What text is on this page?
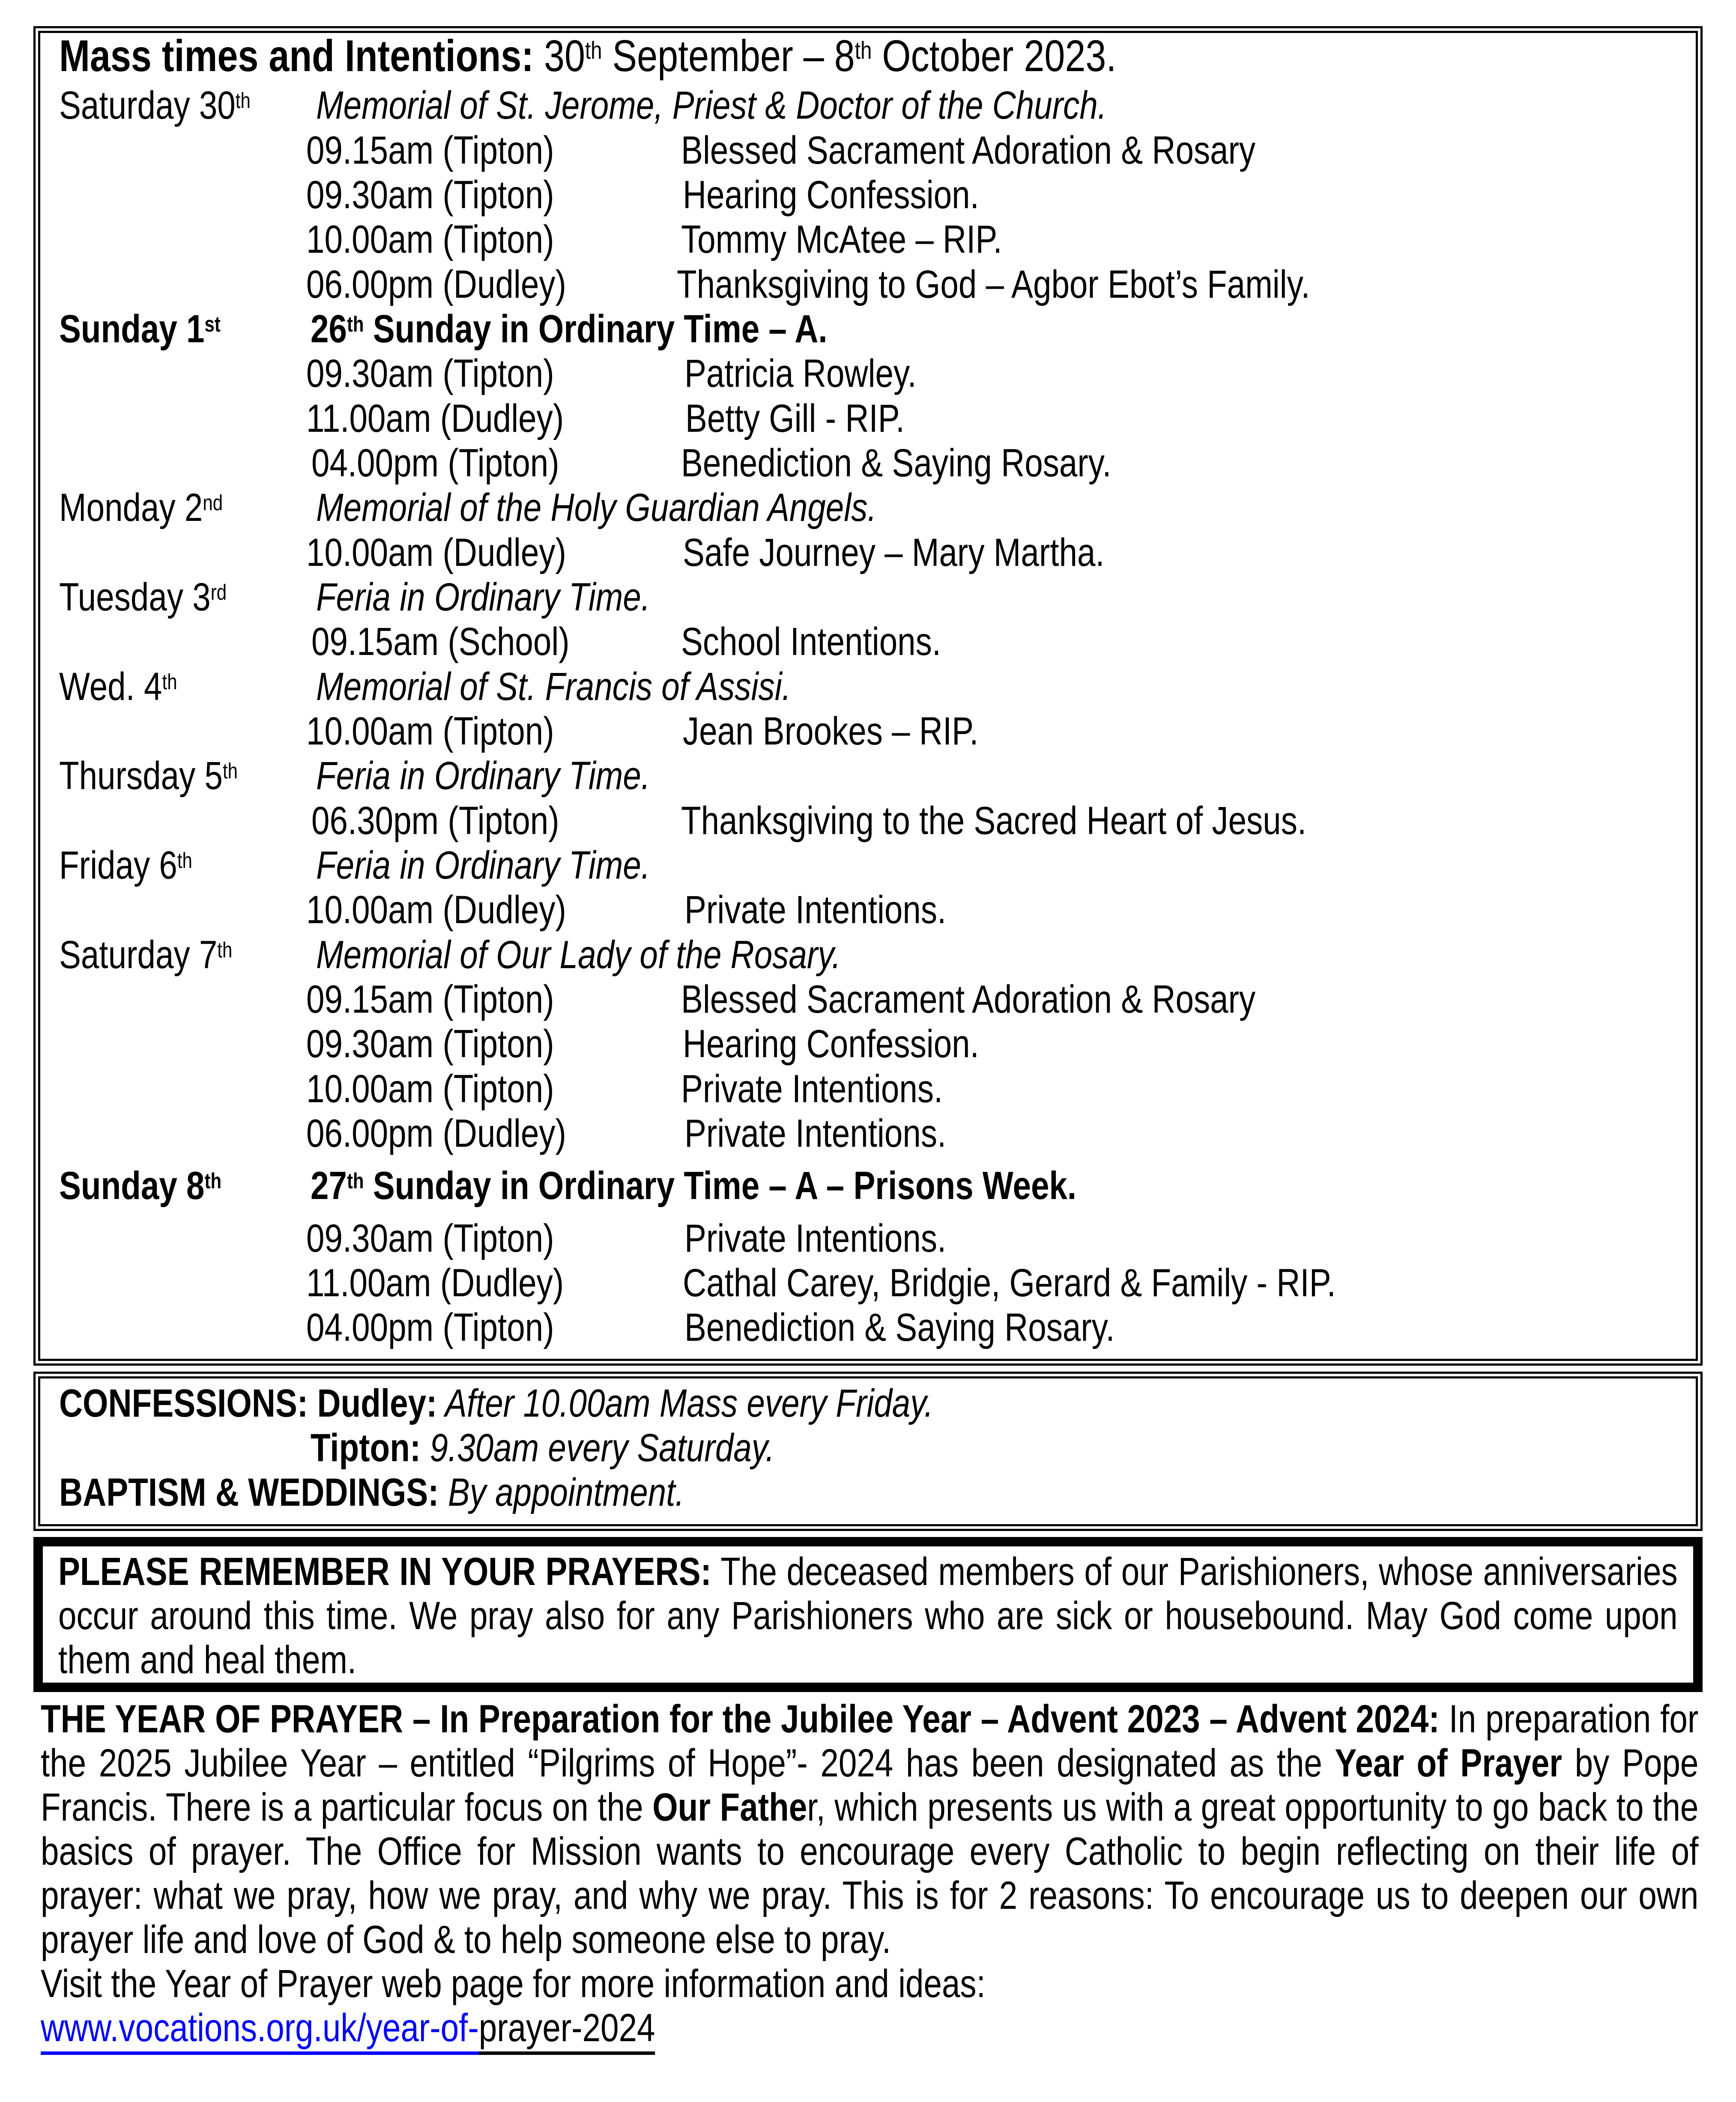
Mass times and Intentions: 30th September – 8th October 2023.
Saturday 30th Memorial of St. Jerome, Priest & Doctor of the Church.
09.15am (Tipton)	Blessed Sacrament Adoration & Rosary
09.30am (Tipton)	Hearing Confession.
10.00am (Tipton)	Tommy McAtee – RIP.
06.00pm (Dudley)	Thanksgiving to God – Agbor Ebot’s Family.
Sunday 1st 26th Sunday in Ordinary Time – A.
09.30am (Tipton)	Patricia Rowley.
11.00am (Dudley)	Betty Gill - RIP.
04.00pm (Tipton)	Benediction & Saying Rosary.
Monday 2nd Memorial of the Holy Guardian Angels.
10.00am (Dudley)	Safe Journey – Mary Martha.
Tuesday 3rd Feria in Ordinary Time.
09.15am (School)	School Intentions.
Wed. 4th	Memorial of St. Francis of Assisi.
10.00am (Tipton)	Jean Brookes – RIP.
Thursday 5th Feria in Ordinary Time.
06.30pm (Tipton)	Thanksgiving to the Sacred Heart of Jesus.
Friday 6th	Feria in Ordinary Time.
10.00am (Dudley)	Private Intentions.
Saturday 7th Memorial of Our Lady of the Rosary.
09.15am (Tipton)	Blessed Sacrament Adoration & Rosary
09.30am (Tipton)	Hearing Confession.
10.00am (Tipton)	Private Intentions.
06.00pm (Dudley)	Private Intentions.
Sunday 8th 27th Sunday in Ordinary Time – A – Prisons Week.
09.30am (Tipton)	Private Intentions.
11.00am (Dudley)	Cathal Carey, Bridgie, Gerard & Family - RIP.
04.00pm (Tipton)	Benediction & Saying Rosary.
CONFESSIONS: Dudley: After 10.00am Mass every Friday.
Tipton: 9.30am every Saturday.
BAPTISM & WEDDINGS: By appointment.

PLEASE REMEMBER IN YOUR PRAYERS: The deceased members of our Parishioners, whose anniversaries occur around this time. We pray also for any Parishioners who are sick or housebound. May God come upon them and heal them.

THE YEAR OF PRAYER – In Preparation for the Jubilee Year – Advent 2023 – Advent 2024: In preparation for the 2025 Jubilee Year – entitled “Pilgrims of Hope”- 2024 has been designated as the Year of Prayer by Pope Francis. There is a particular focus on the Our Father, which presents us with a great opportunity to go back to the basics of prayer. The Office for Mission wants to encourage every Catholic to begin reflecting on their life of prayer: what we pray, how we pray, and why we pray. This is for 2 reasons: To encourage us to deepen our own prayer life and love of God & to help someone else to pray.

Visit the Year of Prayer web page for more information and ideas:

www.vocations.org.uk/year-of-prayer-2024
